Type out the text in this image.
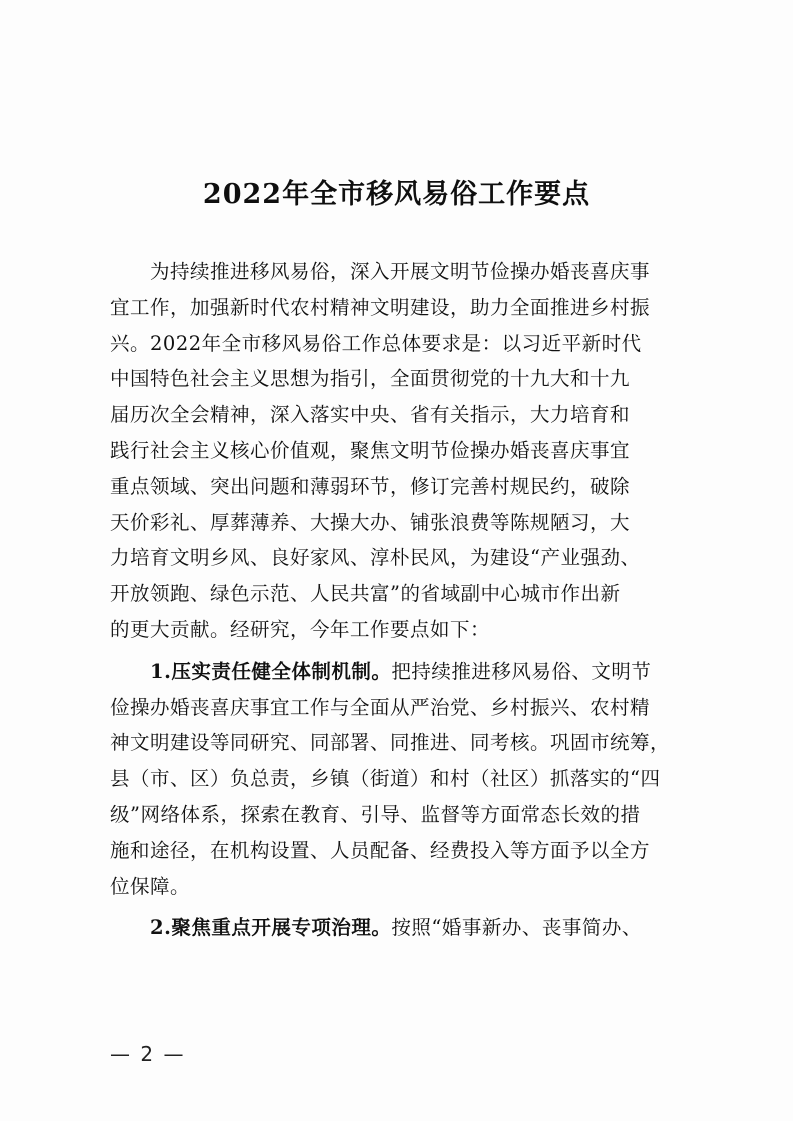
2022年全市移风易俗工作要点
为持续推进移风易俗，深入开展文明节俭操办婚丧喜庆事
宜工作，加强新时代农村精神文明建设，助力全面推进乡村振
兴。2022年全市移风易俗工作总体要求是：以习近平新时代
中国特色社会主义思想为指引，全面贯彻党的十九大和十九
届历次全会精神，深入落实中央、省有关指示，大力培育和
践行社会主义核心价值观，聚焦文明节俭操办婚丧喜庆事宜
重点领域、突出问题和薄弱环节，修订完善村规民约，破除
天价彩礼、厚葬薄养、大操大办、铺张浪费等陈规陋习，大
力培育文明乡风、良好家风、淳朴民风，为建设“产业强劲、
开放领跑、绿色示范、人民共富”的省域副中心城市作出新
的更大贡献。经研究，今年工作要点如下：
1.压实责任健全体制机制。把持续推进移风易俗、文明节
俭操办婚丧喜庆事宜工作与全面从严治党、乡村振兴、农村精
神文明建设等同研究、同部署、同推进、同考核。巩固市统筹，
县（市、区）负总责，乡镇（街道）和村（社区）抓落实的“四
级”网络体系，探索在教育、引导、监督等方面常态长效的措
施和途径，在机构设置、人员配备、经费投入等方面予以全方
位保障。
2.聚焦重点开展专项治理。按照“婚事新办、丧事简办、
— 2 —
